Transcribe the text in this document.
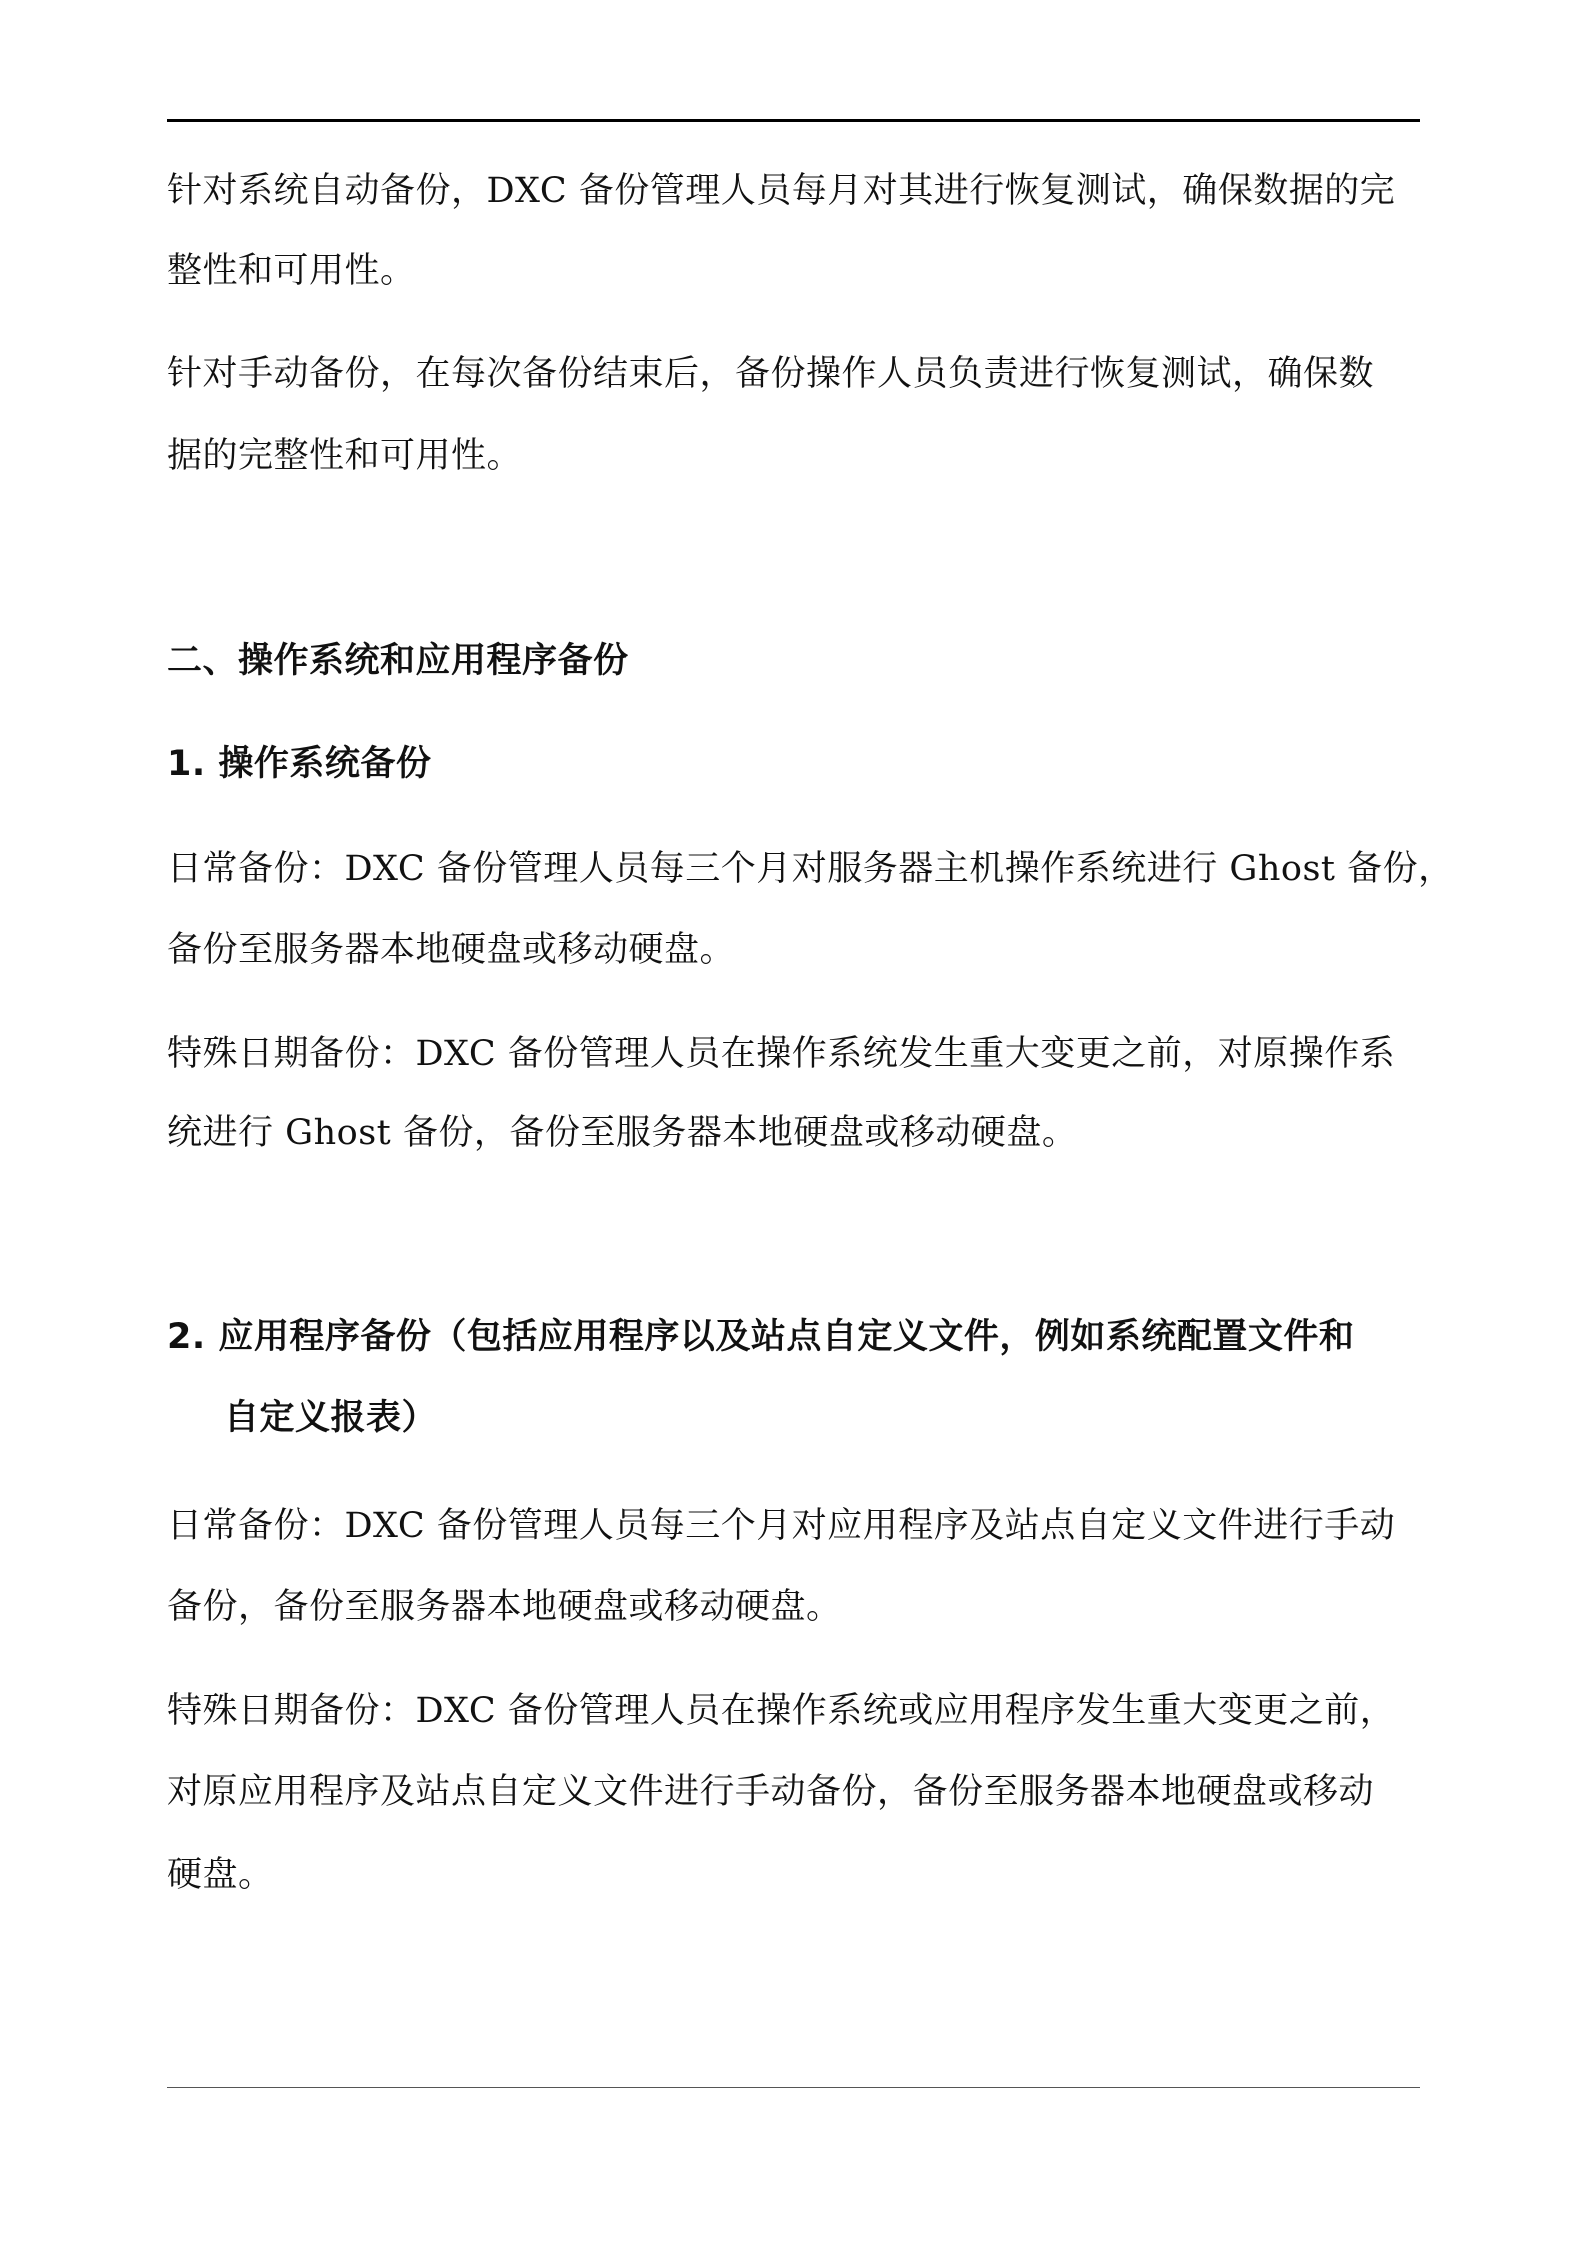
针对系统自动备份，DXC 备份管理人员每月对其进行恢复测试，确保数据的完
整性和可用性。
针对手动备份，在每次备份结束后，备份操作人员负责进行恢复测试，确保数
据的完整性和可用性。
二、操作系统和应用程序备份
1. 操作系统备份
日常备份：DXC 备份管理人员每三个月对服务器主机操作系统进行 Ghost 备份，
备份至服务器本地硬盘或移动硬盘。
特殊日期备份：DXC 备份管理人员在操作系统发生重大变更之前，对原操作系
统进行 Ghost 备份，备份至服务器本地硬盘或移动硬盘。
2. 应用程序备份（包括应用程序以及站点自定义文件，例如系统配置文件和
自定义报表）
日常备份：DXC 备份管理人员每三个月对应用程序及站点自定义文件进行手动
备份，备份至服务器本地硬盘或移动硬盘。
特殊日期备份：DXC 备份管理人员在操作系统或应用程序发生重大变更之前，
对原应用程序及站点自定义文件进行手动备份，备份至服务器本地硬盘或移动
硬盘。
